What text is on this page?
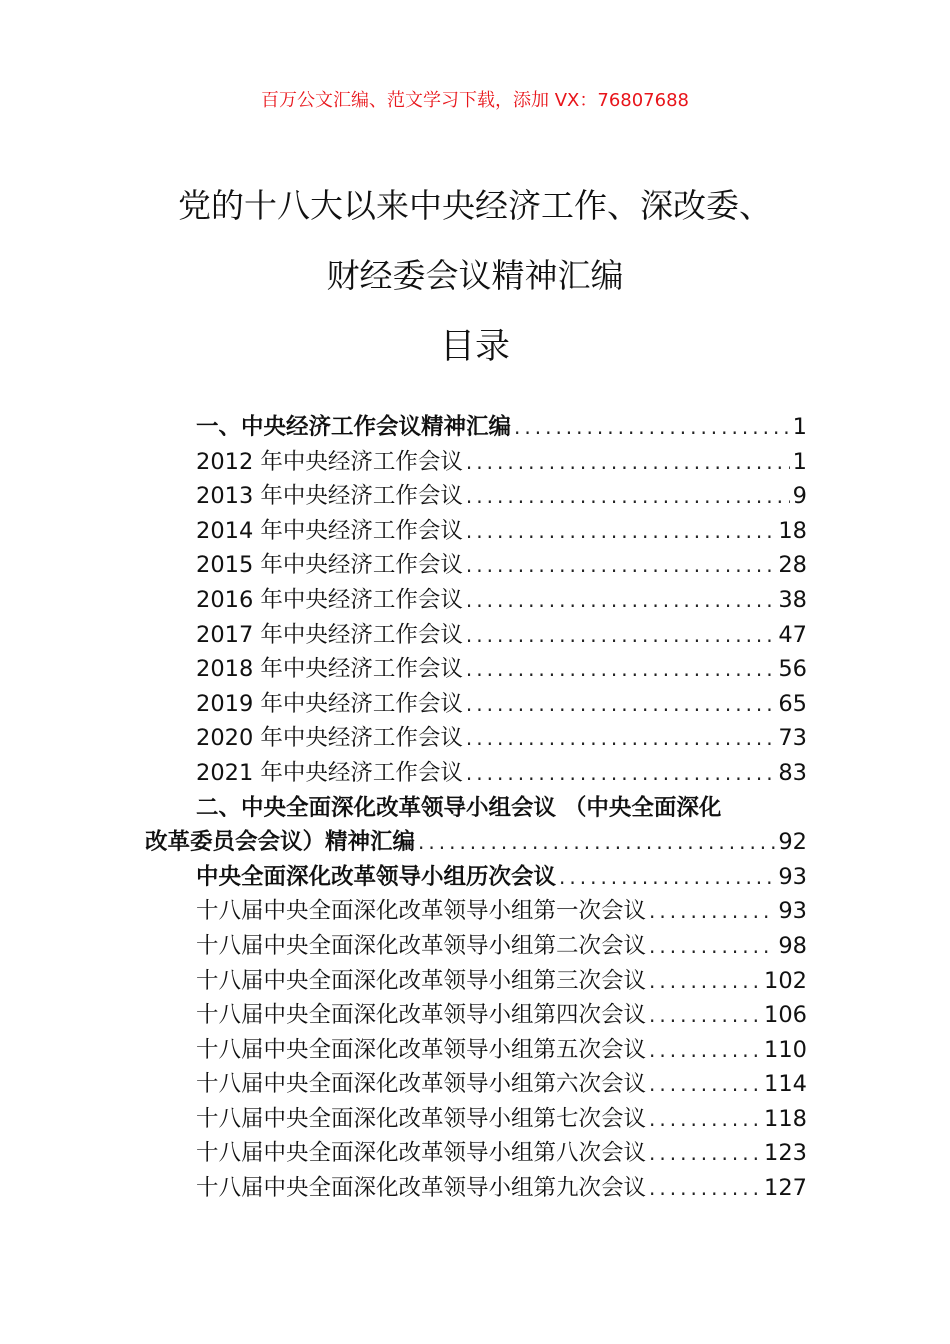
百万公文汇编、范文学习下载，添加 VX：76807688
党的十八大以来中央经济工作、深改委、
财经委会议精神汇编
目录
一、中央经济工作会议精神汇编 .....	1
2012 年中央经济工作会议 .....	1
2013 年中央经济工作会议 .....	9
2014 年中央经济工作会议 .....	18
2015 年中央经济工作会议 .....	28
2016 年中央经济工作会议 .....	38
2017 年中央经济工作会议 .....	47
2018 年中央经济工作会议 .....	56
2019 年中央经济工作会议 .....	65
2020 年中央经济工作会议 .....	73
2021 年中央经济工作会议 .....	83
二、中央全面深化改革领导小组会议 （中央全面深化
改革委员会会议）精神汇编 .....	92
中央全面深化改革领导小组历次会议 .....	93
十八届中央全面深化改革领导小组第一次会议 .....	93
十八届中央全面深化改革领导小组第二次会议 .....	98
十八届中央全面深化改革领导小组第三次会议 .....	102
十八届中央全面深化改革领导小组第四次会议 .....	106
十八届中央全面深化改革领导小组第五次会议 .....	110
十八届中央全面深化改革领导小组第六次会议 .....	114
十八届中央全面深化改革领导小组第七次会议 .....	118
十八届中央全面深化改革领导小组第八次会议 .....	123
十八届中央全面深化改革领导小组第九次会议 .....	127
